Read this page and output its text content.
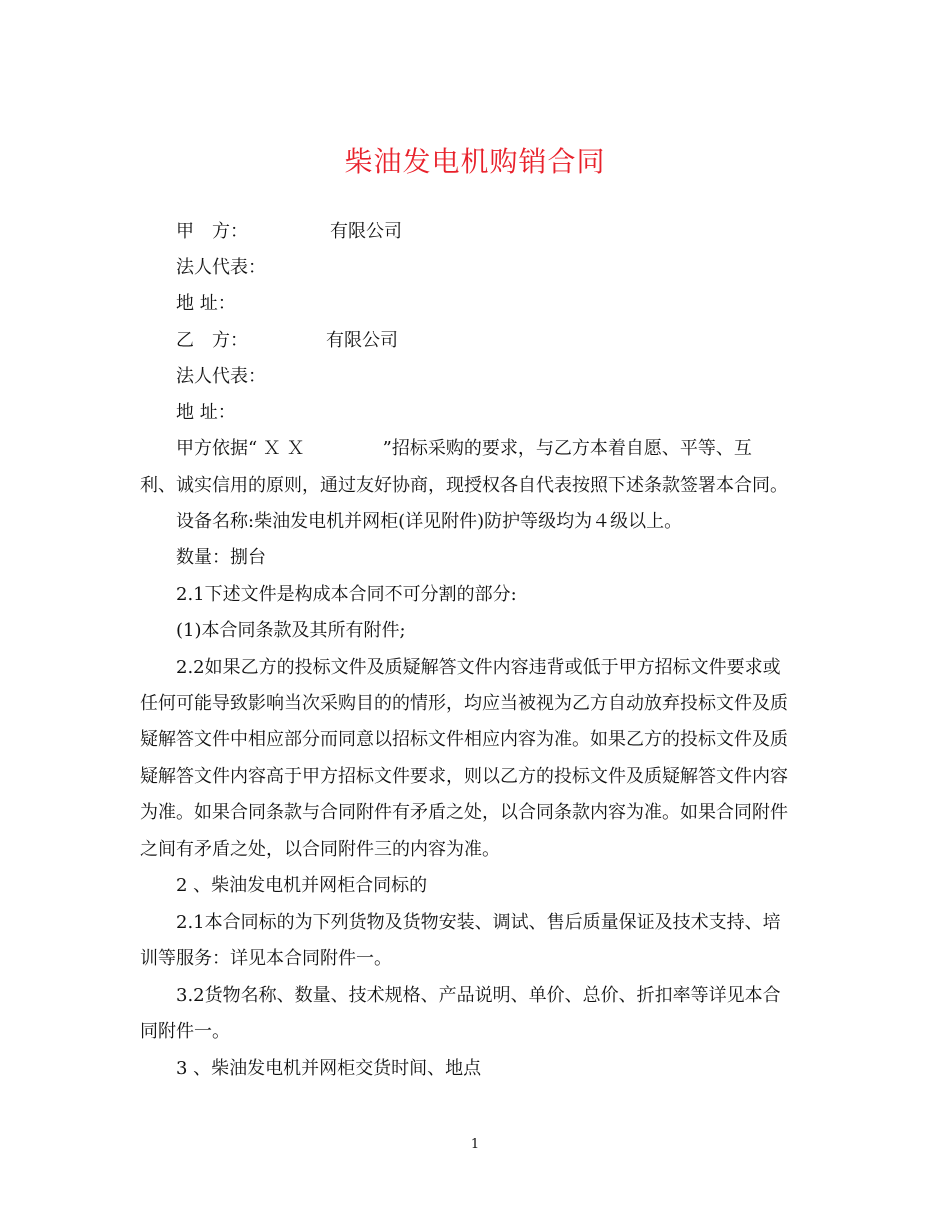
柴油发电机购销合同

甲　方：	有限公司

法人代表：

地 址：

乙　方：	有限公司

法人代表：

地 址：

甲方依据“ Ｘ Ｘ	”招标采购的要求，与乙方本着自愿、平等、互

利、诚实信用的原则，通过友好协商，现授权各自代表按照下述条款签署本合同。

设备名称:柴油发电机并网柜(详见附件)防护等级均为４级以上。

数量：捌台

2.1下述文件是构成本合同不可分割的部分:

(1)本合同条款及其所有附件;

2.2如果乙方的投标文件及质疑解答文件内容违背或低于甲方招标文件要求或

任何可能导致影响当次采购目的的情形，均应当被视为乙方自动放弃投标文件及质

疑解答文件中相应部分而同意以招标文件相应内容为准。如果乙方的投标文件及质

疑解答文件内容高于甲方招标文件要求，则以乙方的投标文件及质疑解答文件内容

为准。如果合同条款与合同附件有矛盾之处，以合同条款内容为准。如果合同附件

之间有矛盾之处，以合同附件三的内容为准。

2 、柴油发电机并网柜合同标的

2.1本合同标的为下列货物及货物安装、调试、售后质量保证及技术支持、培

训等服务：详见本合同附件一。

3.2货物名称、数量、技术规格、产品说明、单价、总价、折扣率等详见本合

同附件一。

3 、柴油发电机并网柜交货时间、地点

1
